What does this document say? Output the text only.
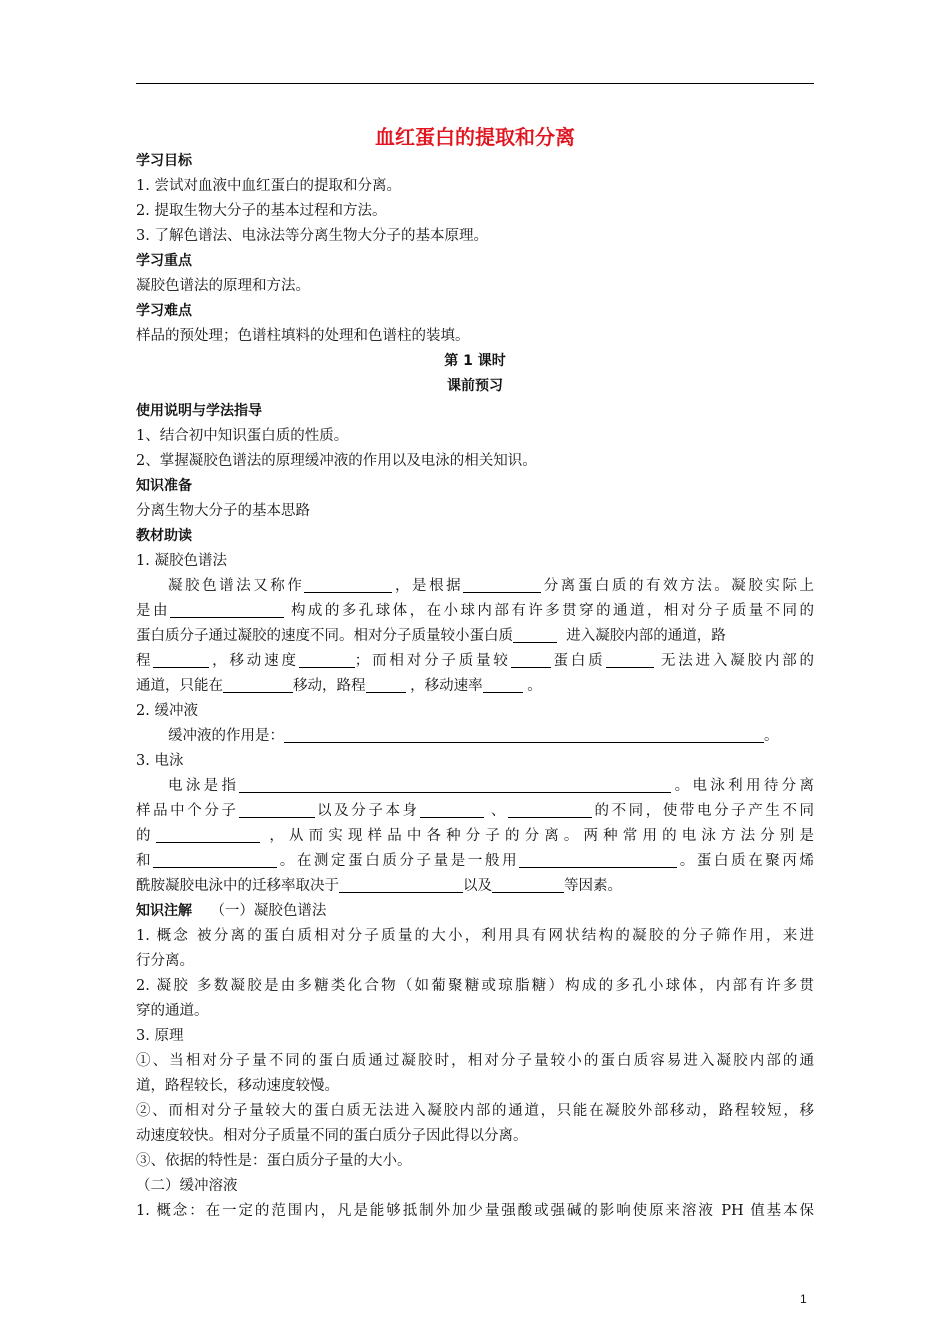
血红蛋白的提取和分离
学习目标
1. 尝试对血液中血红蛋白的提取和分离。
2. 提取生物大分子的基本过程和方法。
3. 了解色谱法、电泳法等分离生物大分子的基本原理。
学习重点
凝胶色谱法的原理和方法。
学习难点
样品的预处理；色谱柱填料的处理和色谱柱的装填。
第 1 课时
课前预习
使用说明与学法指导
1、结合初中知识蛋白质的性质。
2、掌握凝胶色谱法的原理缓冲液的作用以及电泳的相关知识。
知识准备
分离生物大分子的基本思路
教材助读
1. 凝胶色谱法
凝胶色谱法又称作	，是根据	分离蛋白质的有效方法。凝胶实际上
是由	构成的多孔球体，在小球内部有许多贯穿的通道，相对分子质量不同的
蛋白质分子通过凝胶的速度不同。相对分子质量较小蛋白质	进入凝胶内部的通道，路
程	，移动速度	；而相对分子质量较	蛋白质	无法进入凝胶内部的
通道，只能在	移动，路程	，移动速率	。
2. 缓冲液
缓冲液的作用是：	。
3. 电泳
电泳是指	。电泳利用待分离
样品中个分子	以及分子本身	、	的不同，使带电分子产生不同
的	，从而实现样品中各种分子的分离。两种常用的电泳方法分别是
和	。在测定蛋白质分子量是一般用	。蛋白质在聚丙烯
酰胺凝胶电泳中的迁移率取决于	以及	等因素。
知识注解 （一）凝胶色谱法
1. 概念 被分离的蛋白质相对分子质量的大小，利用具有网状结构的凝胶的分子筛作用，来进
行分离。
2. 凝胶 多数凝胶是由多糖类化合物（如葡聚糖或琼脂糖）构成的多孔小球体，内部有许多贯
穿的通道。
3. 原理
①、当相对分子量不同的蛋白质通过凝胶时，相对分子量较小的蛋白质容易进入凝胶内部的通
道，路程较长，移动速度较慢。
②、而相对分子量较大的蛋白质无法进入凝胶内部的通道，只能在凝胶外部移动，路程较短，移
动速度较快。相对分子质量不同的蛋白质分子因此得以分离。
③、依据的特性是：蛋白质分子量的大小。
（二）缓冲溶液
1. 概念：在一定的范围内，凡是能够抵制外加少量强酸或强碱的影响使原来溶液 PH 值基本保
1
